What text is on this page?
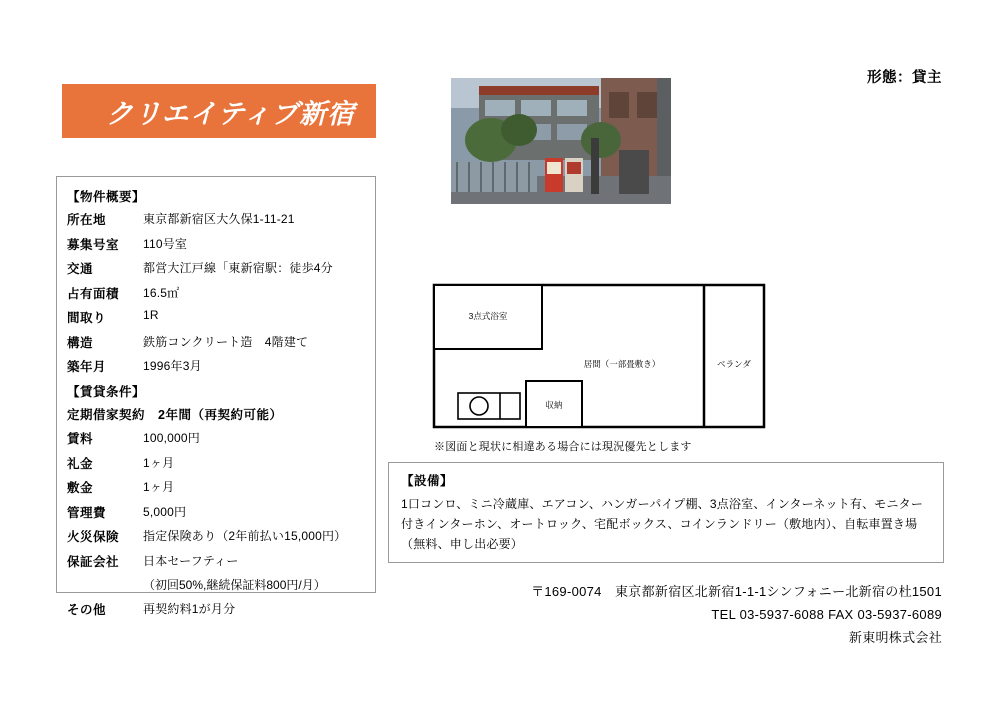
形態：貸主
クリエイティブ新宿
【物件概要】
所在地	東京都新宿区大久保1-11-21
募集号室	110号室
交通	都営大江戸線「東新宿駅：徒歩4分
占有面積	16.5㎡
間取り	1R
構造	鉄筋コンクリート造　4階建て
築年月	1996年3月
【賃貸条件】
定期借家契約　2年間（再契約可能）
賃料	100,000円
礼金	1ヶ月
敷金	1ヶ月
管理費	5,000円
火災保険	指定保険あり（2年前払い15,000円）
保証会社	日本セーフティー
（初回50%,継続保証料800円/月）
その他	再契約料1が月分
3点式浴室
居間（一部畳敷き）	ベランダ
収納
※図面と現状に相違ある場合には現況優先とします
【設備】
1口コンロ、ミニ冷蔵庫、エアコン、ハンガーパイプ棚、3点浴室、インターネット有、モニター付きインターホン、オートロック、宅配ボックス、コインランドリー（敷地内）、自転車置き場（無料、申し出必要）
〒169-0074　東京都新宿区北新宿1-1-1シンフォニー北新宿の杜1501
TEL 03-5937-6088 FAX 03-5937-6089
新東明株式会社
